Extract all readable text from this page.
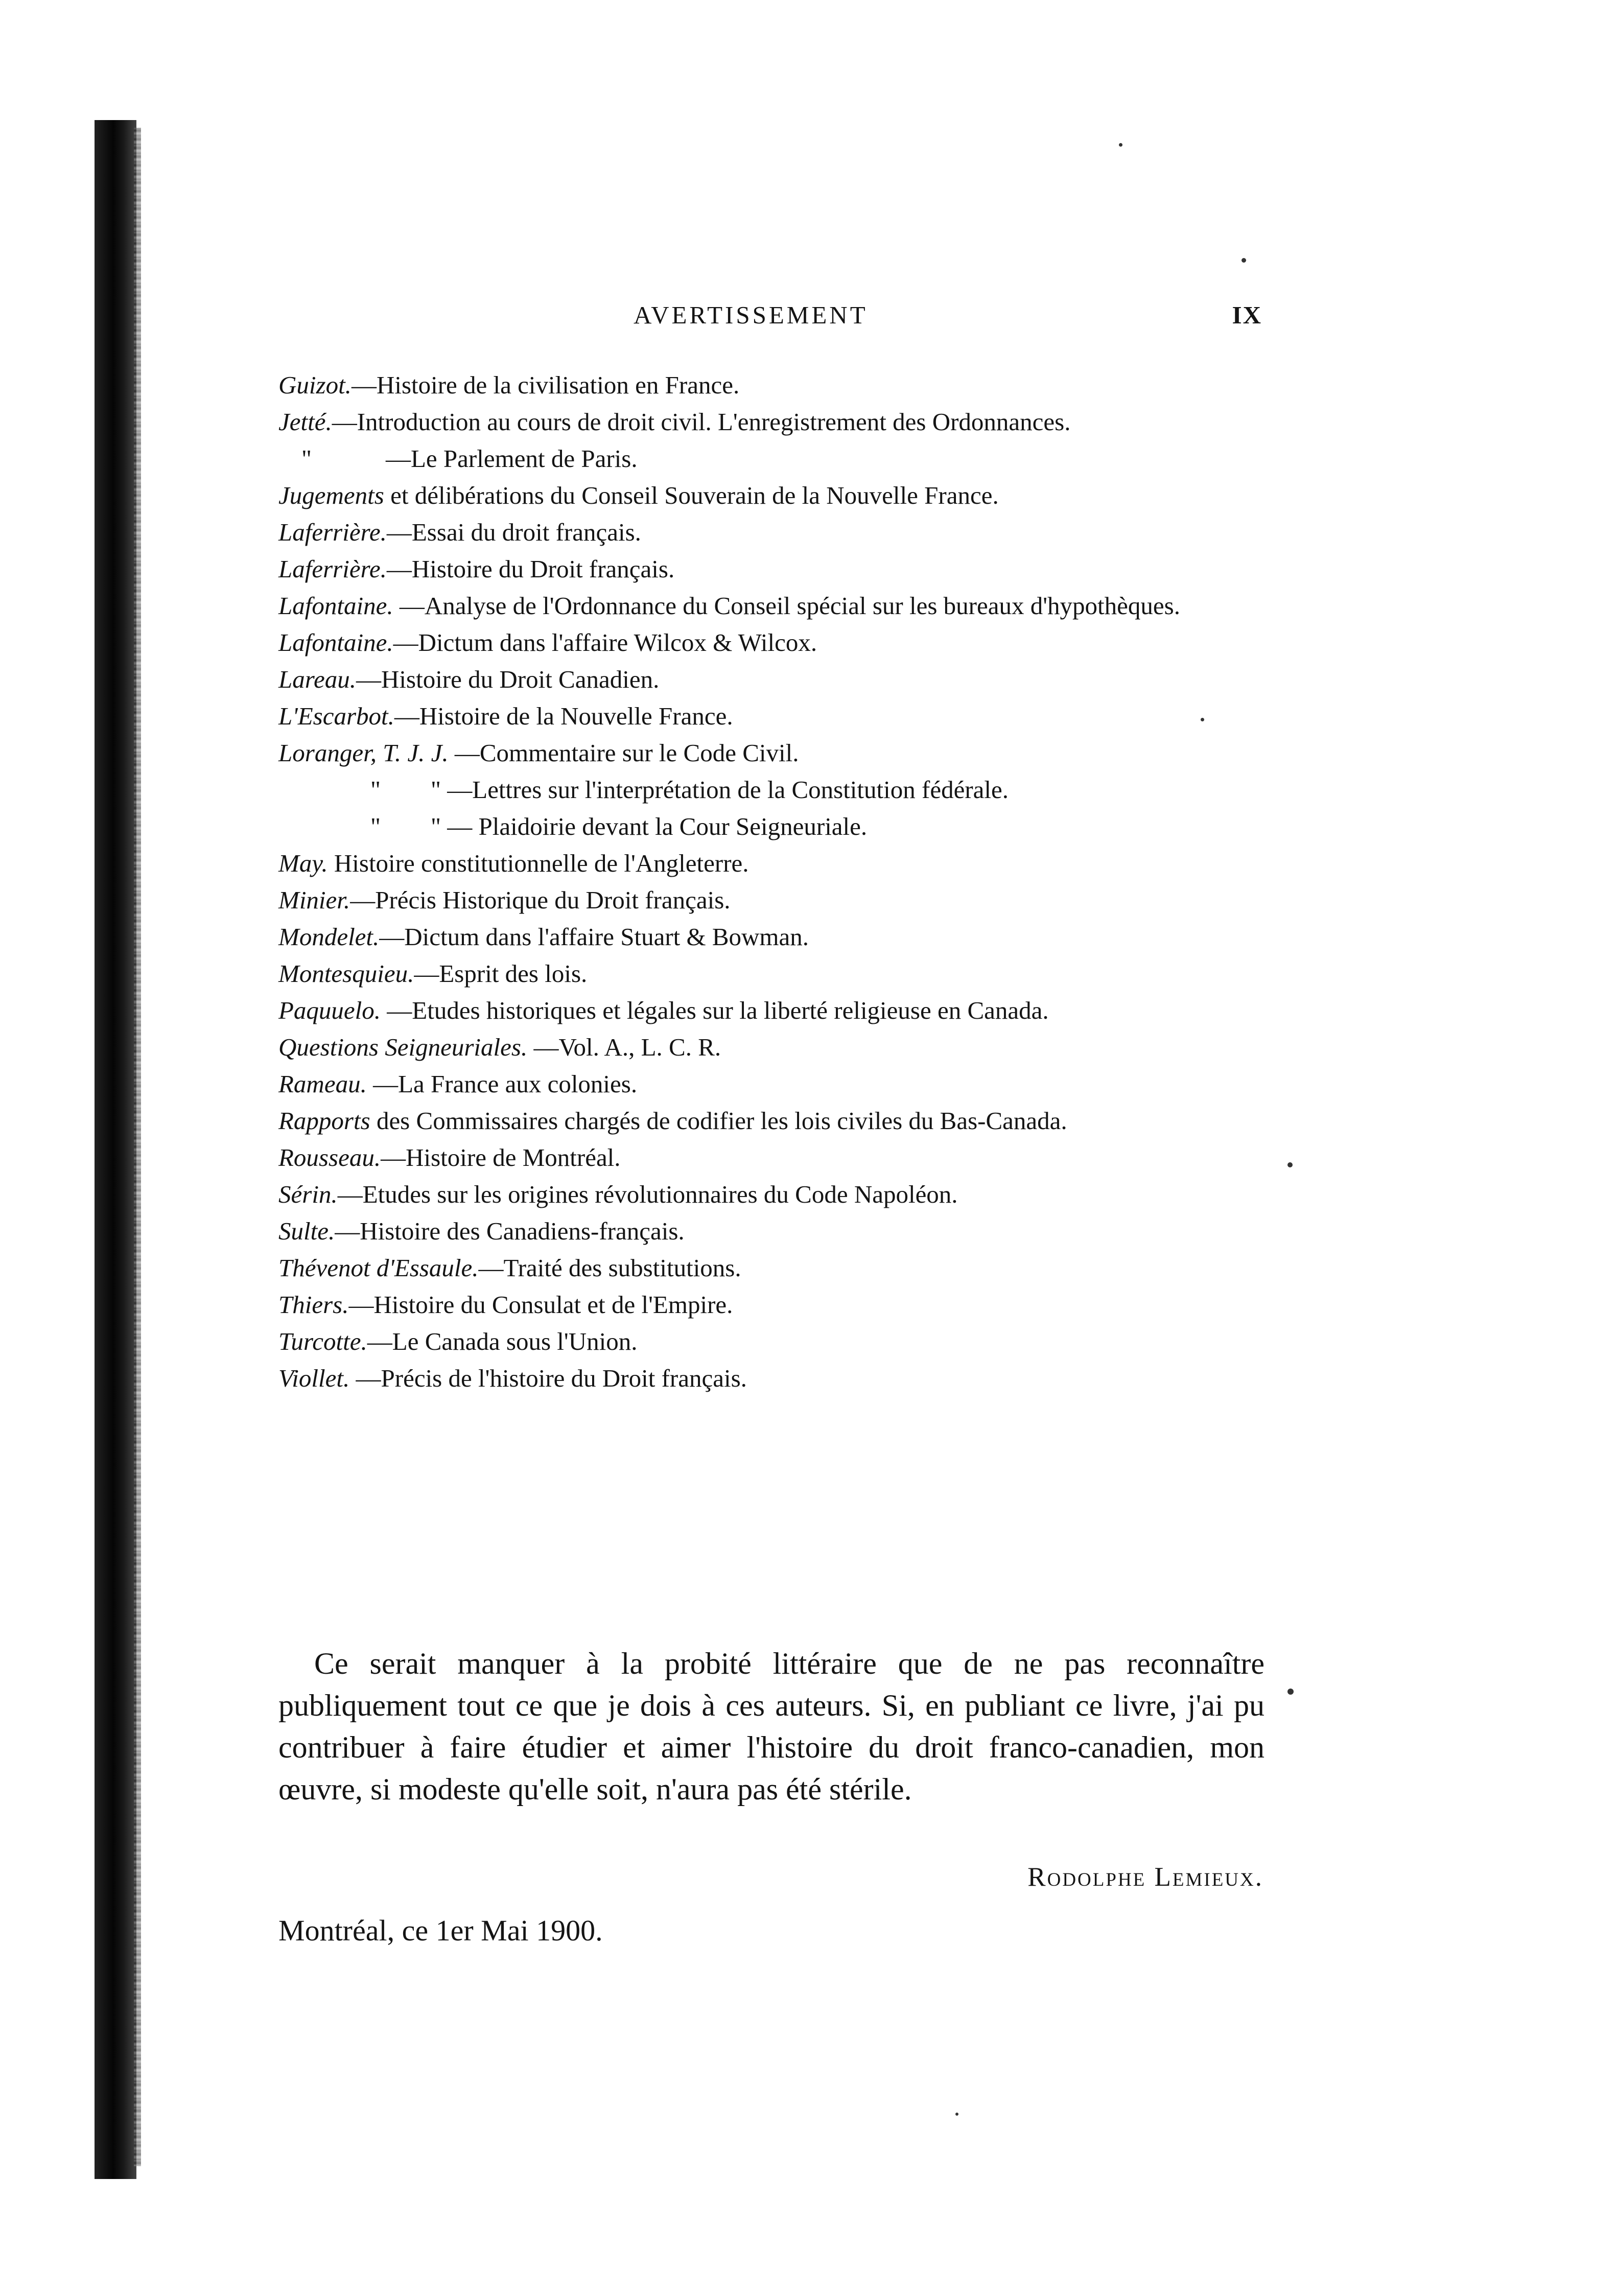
AVERTISSEMENT	IX
Guizot.—Histoire de la civilisation en France.
Jetté.—Introduction au cours de droit civil. L'enregistrement des Ordonnances.
"	—Le Parlement de Paris.
Jugements et délibérations du Conseil Souverain de la Nouvelle France.
Laferrière.—Essai du droit français.
Laferrière.—Histoire du Droit français.
Lafontaine. —Analyse de l'Ordonnance du Conseil spécial sur les bureaux d'hypothèques.
Lafontaine.—Dictum dans l'affaire Wilcox & Wilcox.
Lareau.—Histoire du Droit Canadien.
L'Escarbot.—Histoire de la Nouvelle France.
Loranger, T. J. J. —Commentaire sur le Code Civil.
"        " —Lettres sur l'interprétation de la Constitution fédérale.
"        " — Plaidoirie devant la Cour Seigneuriale.
May. Histoire constitutionnelle de l'Angleterre.
Minier.—Précis Historique du Droit français.
Mondelet.—Dictum dans l'affaire Stuart & Bowman.
Montesquieu.—Esprit des lois.
Paquuelo. —Etudes historiques et légales sur la liberté religieuse en Canada.
Questions Seigneuriales. —Vol. A., L. C. R.
Rameau. —La France aux colonies.
Rapports des Commissaires chargés de codifier les lois civiles du Bas-Canada.
Rousseau.—Histoire de Montréal.
Sérin.—Etudes sur les origines révolutionnaires du Code Napoléon.
Sulte.—Histoire des Canadiens-français.
Thévenot d'Essaule.—Traité des substitutions.
Thiers.—Histoire du Consulat et de l'Empire.
Turcotte.—Le Canada sous l'Union.
Viollet. —Précis de l'histoire du Droit français.

Ce serait manquer à la probité littéraire que de ne pas reconnaître publiquement tout ce que je dois à ces auteurs. Si, en publiant ce livre, j'ai pu contribuer à faire étudier et aimer l'histoire du droit franco-canadien, mon œuvre, si modeste qu'elle soit, n'aura pas été stérile.

Rodolphe Lemieux.
Montréal, ce 1er Mai 1900.
